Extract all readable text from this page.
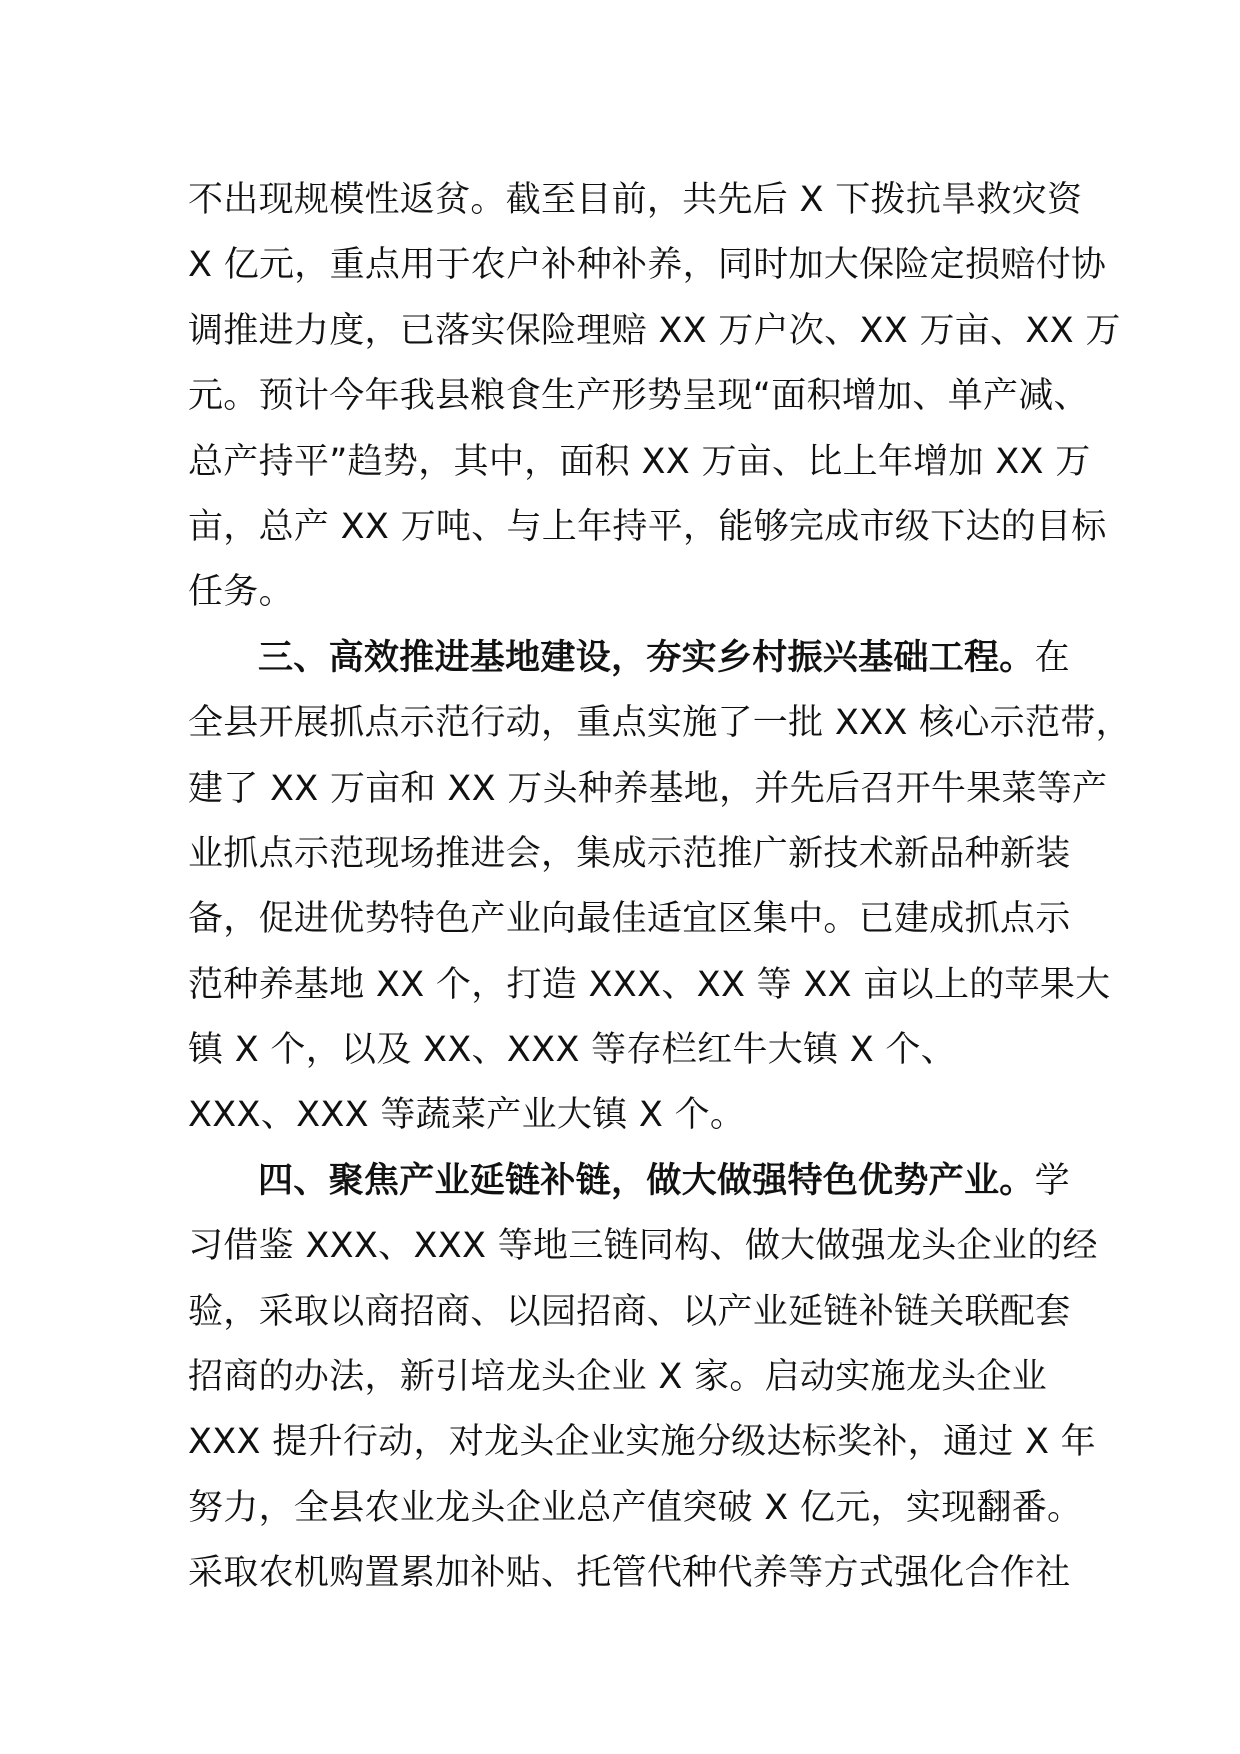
不出现规模性返贫。截至目前，共先后 X 下拨抗旱救灾资
X 亿元，重点用于农户补种补养，同时加大保险定损赔付协
调推进力度，已落实保险理赔 XX 万户次、XX 万亩、XX 万
元。预计今年我县粮食生产形势呈现“面积增加、单产减、
总产持平”趋势，其中，面积 XX 万亩、比上年增加 XX 万
亩，总产 XX 万吨、与上年持平，能够完成市级下达的目标
任务。
三、高效推进基地建设，夯实乡村振兴基础工程。在
全县开展抓点示范行动，重点实施了一批 XXX 核心示范带，
建了 XX 万亩和 XX 万头种养基地，并先后召开牛果菜等产
业抓点示范现场推进会，集成示范推广新技术新品种新装
备，促进优势特色产业向最佳适宜区集中。已建成抓点示
范种养基地 XX 个，打造 XXX、XX 等 XX 亩以上的苹果大
镇 X 个，以及 XX、XXX 等存栏红牛大镇 X 个、
XXX、XXX 等蔬菜产业大镇 X 个。
四、聚焦产业延链补链，做大做强特色优势产业。学
习借鉴 XXX、XXX 等地三链同构、做大做强龙头企业的经
验，采取以商招商、以园招商、以产业延链补链关联配套
招商的办法，新引培龙头企业 X 家。启动实施龙头企业
XXX 提升行动，对龙头企业实施分级达标奖补，通过 X 年
努力，全县农业龙头企业总产值突破 X 亿元，实现翻番。
采取农机购置累加补贴、托管代种代养等方式强化合作社
